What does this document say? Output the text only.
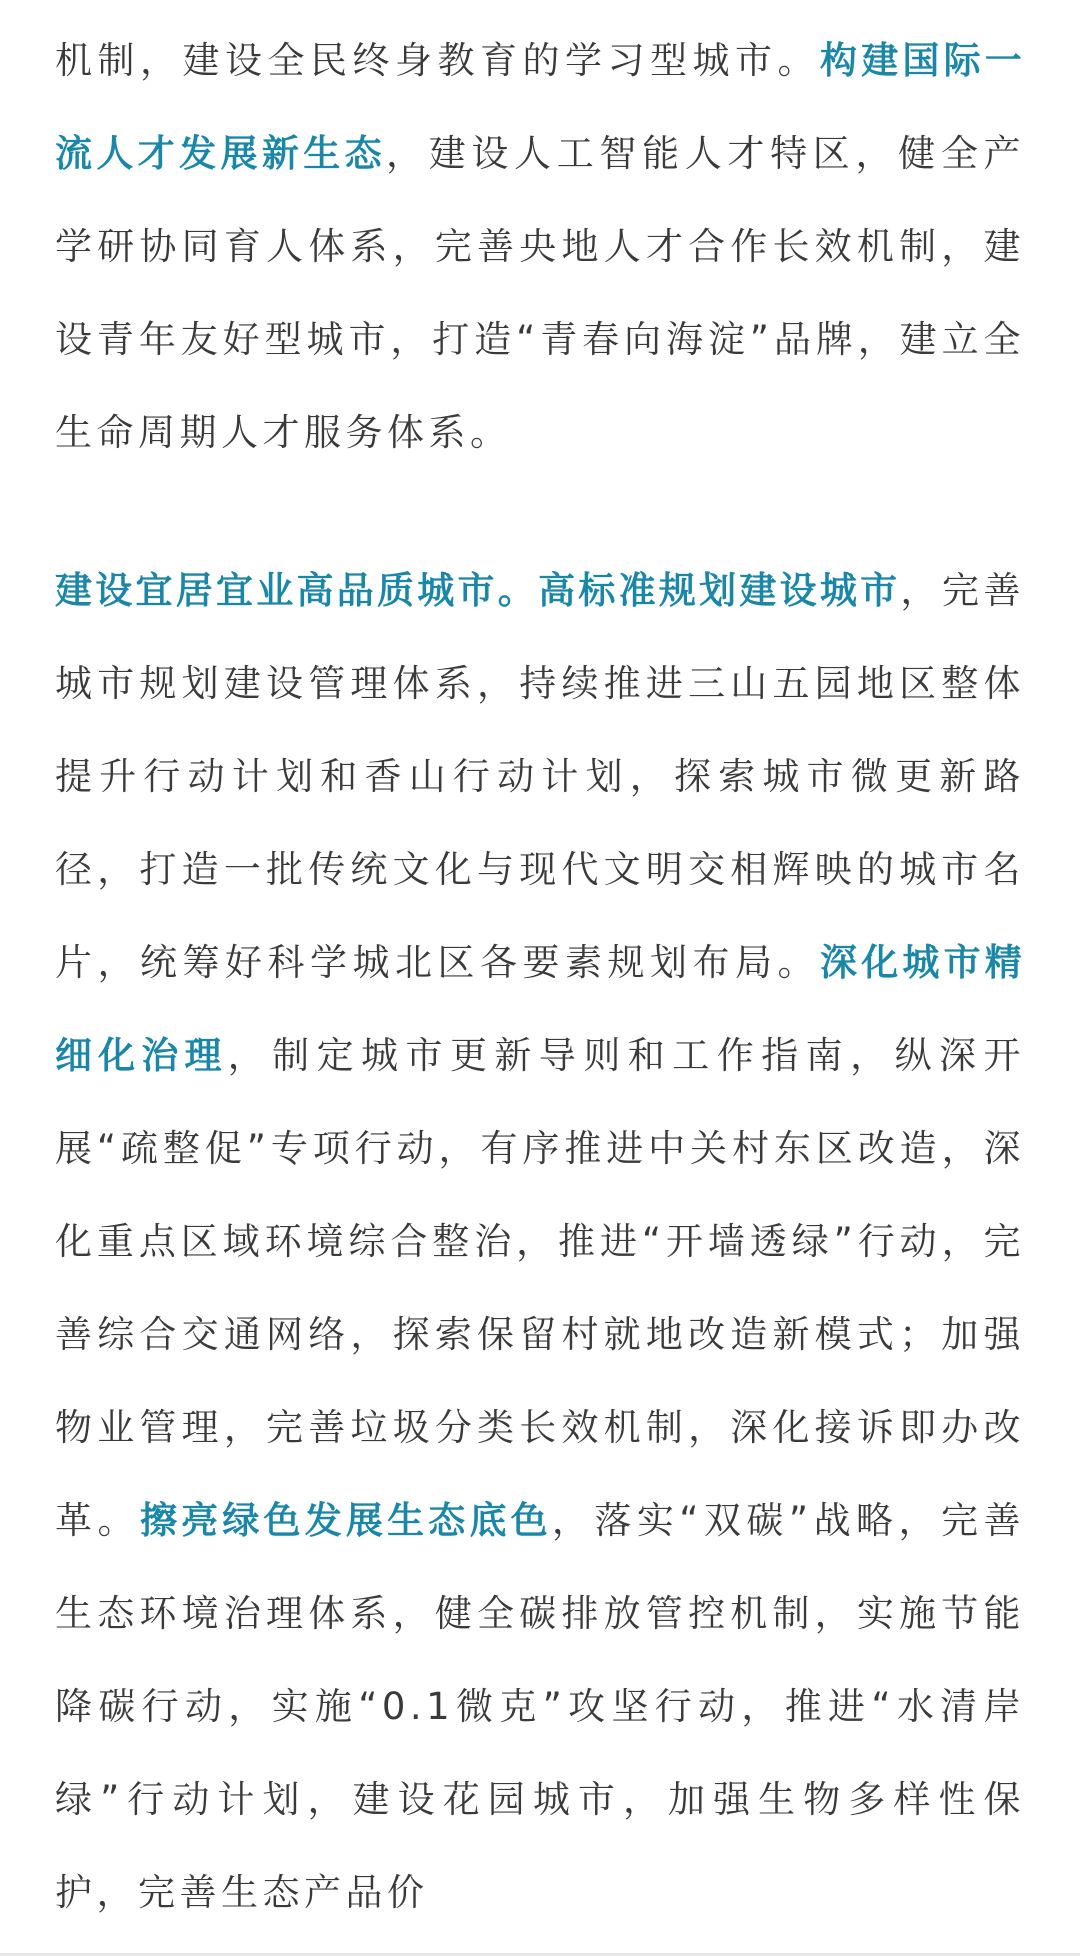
机制，建设全民终身教育的学习型城市。构建国际一流人才发展新生态，建设人工智能人才特区，健全产学研协同育人体系，完善央地人才合作长效机制，建设青年友好型城市，打造“青春向海淀”品牌，建立全生命周期人才服务体系。

建设宜居宜业高品质城市。高标准规划建设城市，完善城市规划建设管理体系，持续推进三山五园地区整体提升行动计划和香山行动计划，探索城市微更新路径，打造一批传统文化与现代文明交相辉映的城市名片，统筹好科学城北区各要素规划布局。深化城市精细化治理，制定城市更新导则和工作指南，纵深开展“疏整促”专项行动，有序推进中关村东区改造，深化重点区域环境综合整治，推进“开墙透绿”行动，完善综合交通网络，探索保留村就地改造新模式；加强物业管理，完善垃圾分类长效机制，深化接诉即办改革。擦亮绿色发展生态底色，落实“双碳”战略，完善生态环境治理体系，健全碳排放管控机制，实施节能降碳行动，实施“0.1微克”攻坚行动，推进“水清岸绿”行动计划，建设花园城市，加强生物多样性保护，完善生态产品价
